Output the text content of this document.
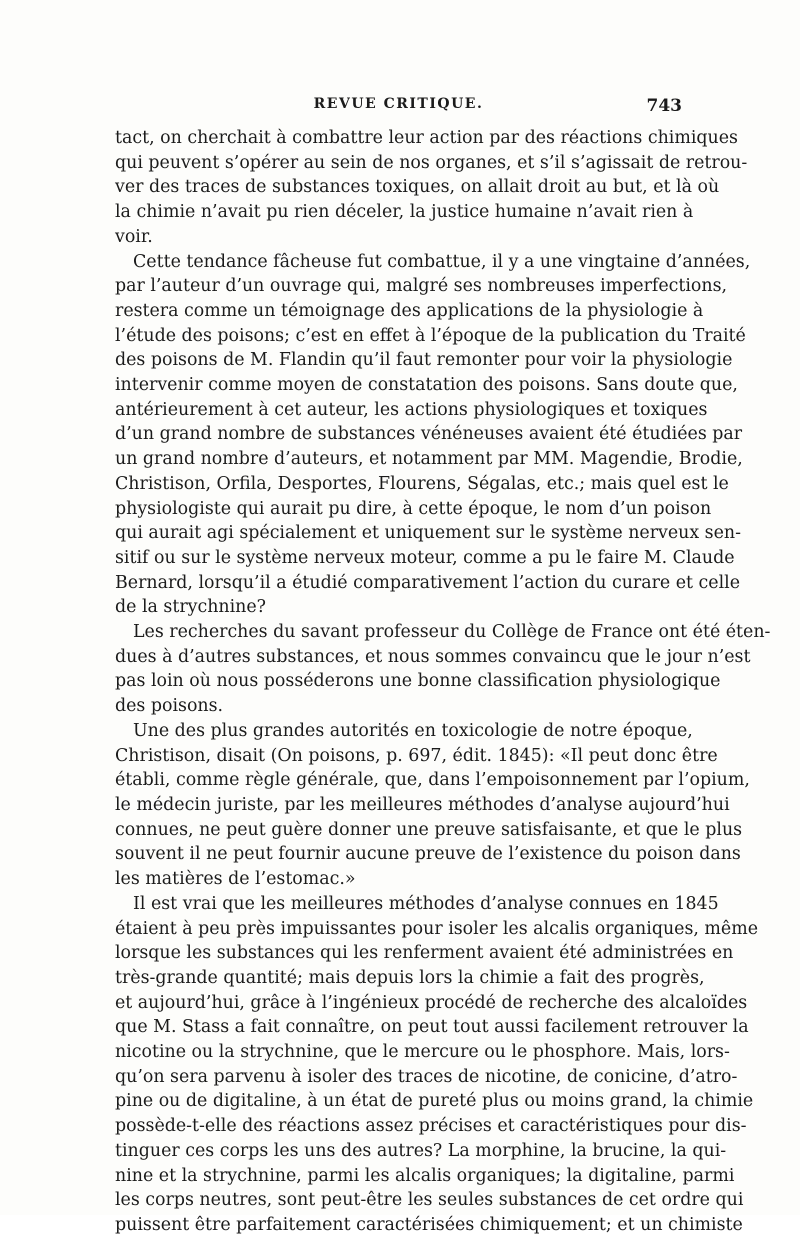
REVUE CRITIQUE.	743
tact, on cherchait à combattre leur action par des réactions chimiques
qui peuvent s’opérer au sein de nos organes, et s’il s’agissait de retrou-
ver des traces de substances toxiques, on allait droit au but, et là où
la chimie n’avait pu rien déceler, la justice humaine n’avait rien à
voir.
Cette tendance fâcheuse fut combattue, il y a une vingtaine d’années,
par l’auteur d’un ouvrage qui, malgré ses nombreuses imperfections,
restera comme un témoignage des applications de la physiologie à
l’étude des poisons; c’est en effet à l’époque de la publication du Traité
des poisons de M. Flandin qu’il faut remonter pour voir la physiologie
intervenir comme moyen de constatation des poisons. Sans doute que,
antérieurement à cet auteur, les actions physiologiques et toxiques
d’un grand nombre de substances vénéneuses avaient été étudiées par
un grand nombre d’auteurs, et notamment par MM. Magendie, Brodie,
Christison, Orfila, Desportes, Flourens, Ségalas, etc.; mais quel est le
physiologiste qui aurait pu dire, à cette époque, le nom d’un poison
qui aurait agi spécialement et uniquement sur le système nerveux sen-
sitif ou sur le système nerveux moteur, comme a pu le faire M. Claude
Bernard, lorsqu’il a étudié comparativement l’action du curare et celle
de la strychnine?
Les recherches du savant professeur du Collège de France ont été éten-
dues à d’autres substances, et nous sommes convaincu que le jour n’est
pas loin où nous posséderons une bonne classification physiologique
des poisons.
Une des plus grandes autorités en toxicologie de notre époque,
Christison, disait (On poisons, p. 697, édit. 1845): «Il peut donc être
établi, comme règle générale, que, dans l’empoisonnement par l’opium,
le médecin juriste, par les meilleures méthodes d’analyse aujourd’hui
connues, ne peut guère donner une preuve satisfaisante, et que le plus
souvent il ne peut fournir aucune preuve de l’existence du poison dans
les matières de l’estomac.»
Il est vrai que les meilleures méthodes d’analyse connues en 1845
étaient à peu près impuissantes pour isoler les alcalis organiques, même
lorsque les substances qui les renferment avaient été administrées en
très-grande quantité; mais depuis lors la chimie a fait des progrès,
et aujourd’hui, grâce à l’ingénieux procédé de recherche des alcaloïdes
que M. Stass a fait connaître, on peut tout aussi facilement retrouver la
nicotine ou la strychnine, que le mercure ou le phosphore. Mais, lors-
qu’on sera parvenu à isoler des traces de nicotine, de conicine, d’atro-
pine ou de digitaline, à un état de pureté plus ou moins grand, la chimie
possède-t-elle des réactions assez précises et caractéristiques pour dis-
tinguer ces corps les uns des autres? La morphine, la brucine, la qui-
nine et la strychnine, parmi les alcalis organiques; la digitaline, parmi
les corps neutres, sont peut-être les seules substances de cet ordre qui
puissent être parfaitement caractérisées chimiquement; et un chimiste
